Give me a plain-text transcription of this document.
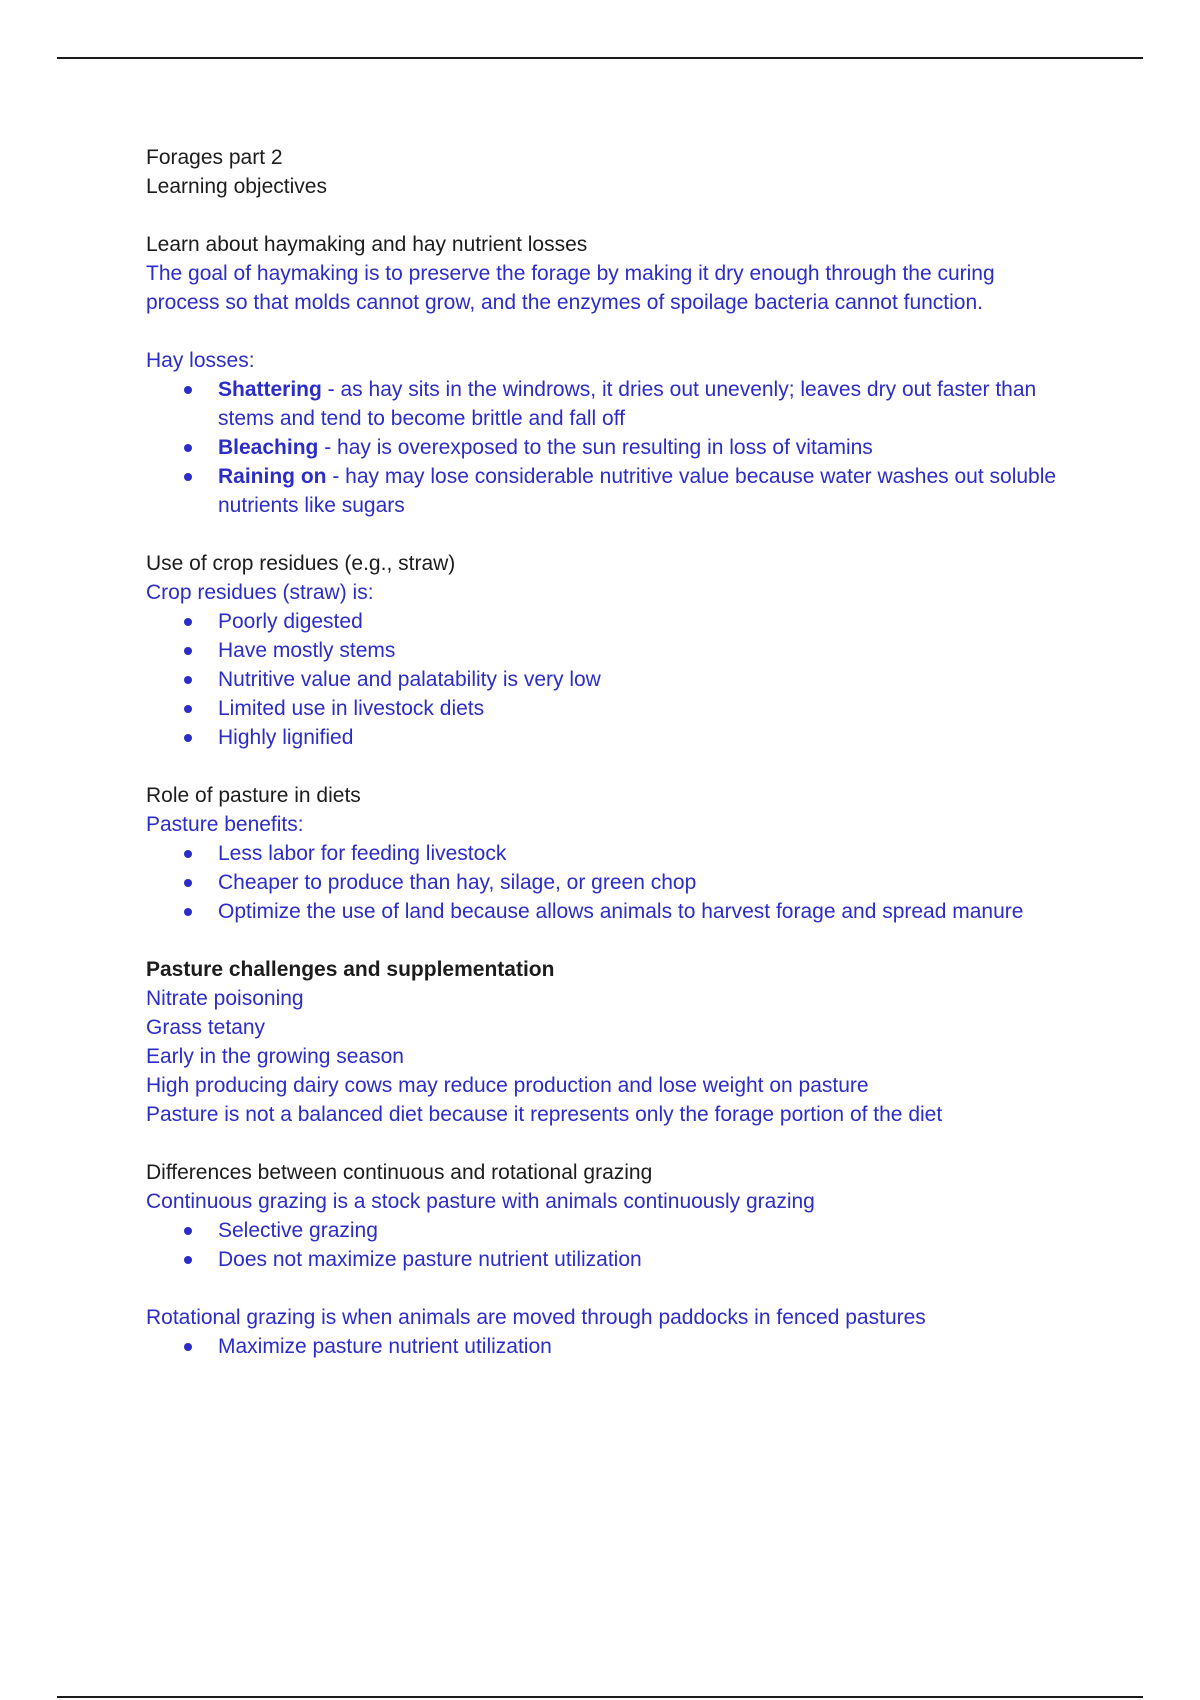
Forages part 2

Learning objectives

Learn about haymaking and hay nutrient losses

The goal of haymaking is to preserve the forage by making it dry enough through the curing process so that molds cannot grow, and the enzymes of spoilage bacteria cannot function.

Hay losses:

Shattering - as hay sits in the windrows, it dries out unevenly; leaves dry out faster than stems and tend to become brittle and fall off
Bleaching - hay is overexposed to the sun resulting in loss of vitamins
Raining on - hay may lose considerable nutritive value because water washes out soluble nutrients like sugars

Use of crop residues (e.g., straw)

Crop residues (straw) is:

Poorly digested
Have mostly stems
Nutritive value and palatability is very low
Limited use in livestock diets
Highly lignified

Role of pasture in diets

Pasture benefits:

Less labor for feeding livestock
Cheaper to produce than hay, silage, or green chop
Optimize the use of land because allows animals to harvest forage and spread manure

Pasture challenges and supplementation

Nitrate poisoning

Grass tetany

Early in the growing season

High producing dairy cows may reduce production and lose weight on pasture

Pasture is not a balanced diet because it represents only the forage portion of the diet

Differences between continuous and rotational grazing

Continuous grazing is a stock pasture with animals continuously grazing

Selective grazing
Does not maximize pasture nutrient utilization

Rotational grazing is when animals are moved through paddocks in fenced pastures

Maximize pasture nutrient utilization
